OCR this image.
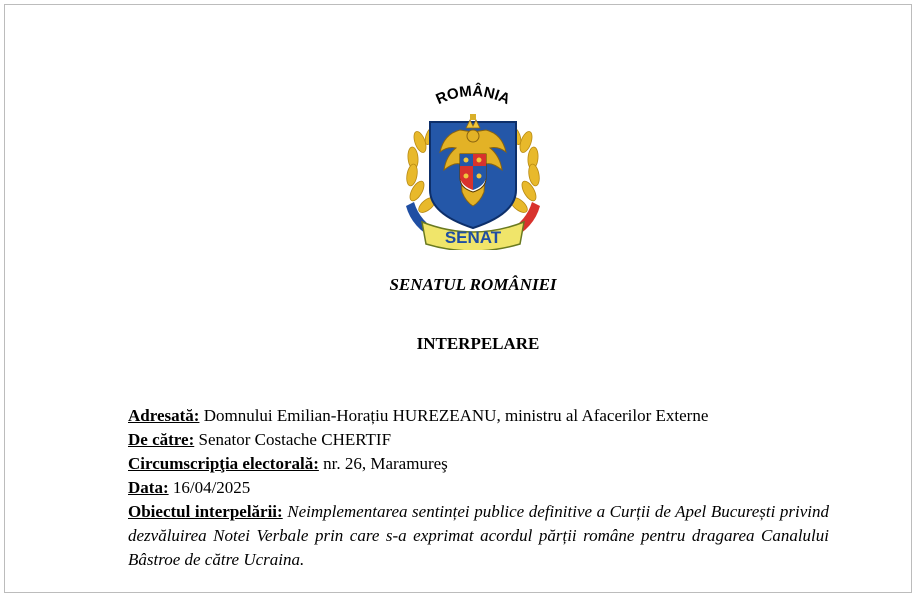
ROMÂNIA
SENAT
SENATUL ROMÂNIEI
INTERPELARE
Adresată: Domnului Emilian-Horațiu HUREZEANU, ministru al Afacerilor Externe
De către: Senator Costache CHERTIF
Circumscripţia electorală: nr. 26, Maramureş
Data: 16/04/2025
Obiectul interpelării: Neimplementarea sentinței publice definitive a Curții de Apel București privind dezvăluirea Notei Verbale prin care s-a exprimat acordul părții române pentru dragarea Canalului Bâstroe de către Ucraina.
